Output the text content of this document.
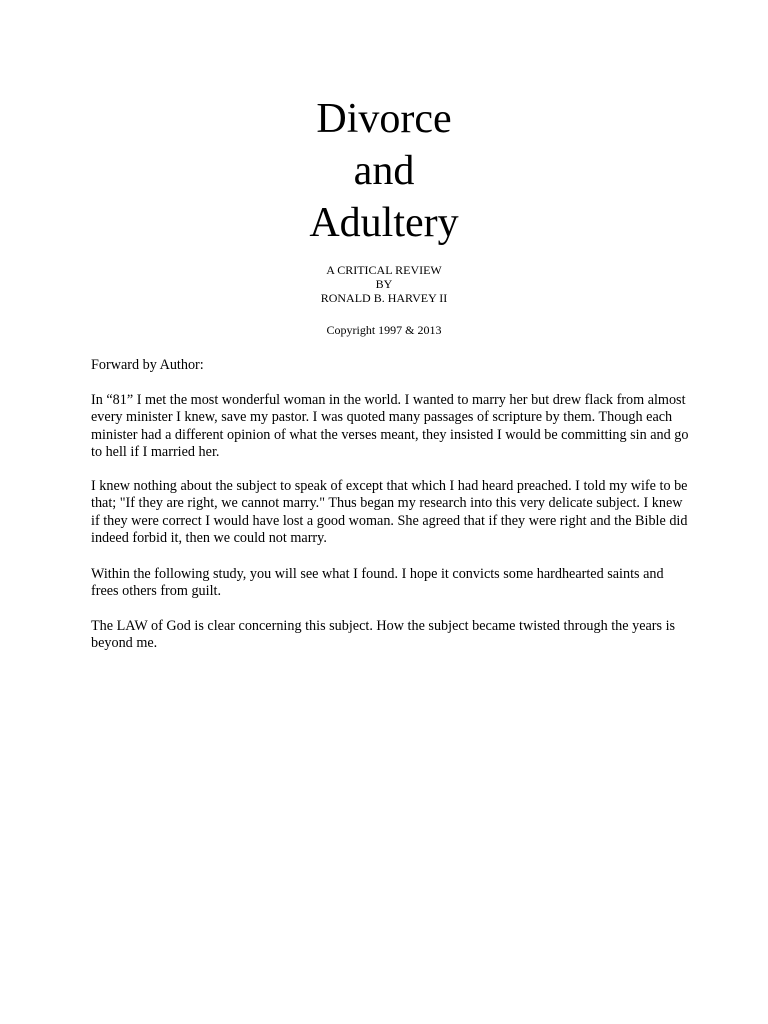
Divorce
and
Adultery
A CRITICAL REVIEW
BY
RONALD B. HARVEY II
Copyright 1997 & 2013
Forward by Author:

In “81” I met the most wonderful woman in the world. I wanted to marry her but drew flack from almost every minister I knew, save my pastor. I was quoted many passages of scripture by them. Though each minister had a different opinion of what the verses meant, they insisted I would be committing sin and go to hell if I married her.

I knew nothing about the subject to speak of except that which I had heard preached. I told my wife to be that; "If they are right, we cannot marry." Thus began my research into this very delicate subject. I knew if they were correct I would have lost a good woman. She agreed that if they were right and the Bible did indeed forbid it, then we could not marry.

Within the following study, you will see what I found. I hope it convicts some hardhearted saints and frees others from guilt.

The LAW of God is clear concerning this subject. How the subject became twisted through the years is beyond me.
